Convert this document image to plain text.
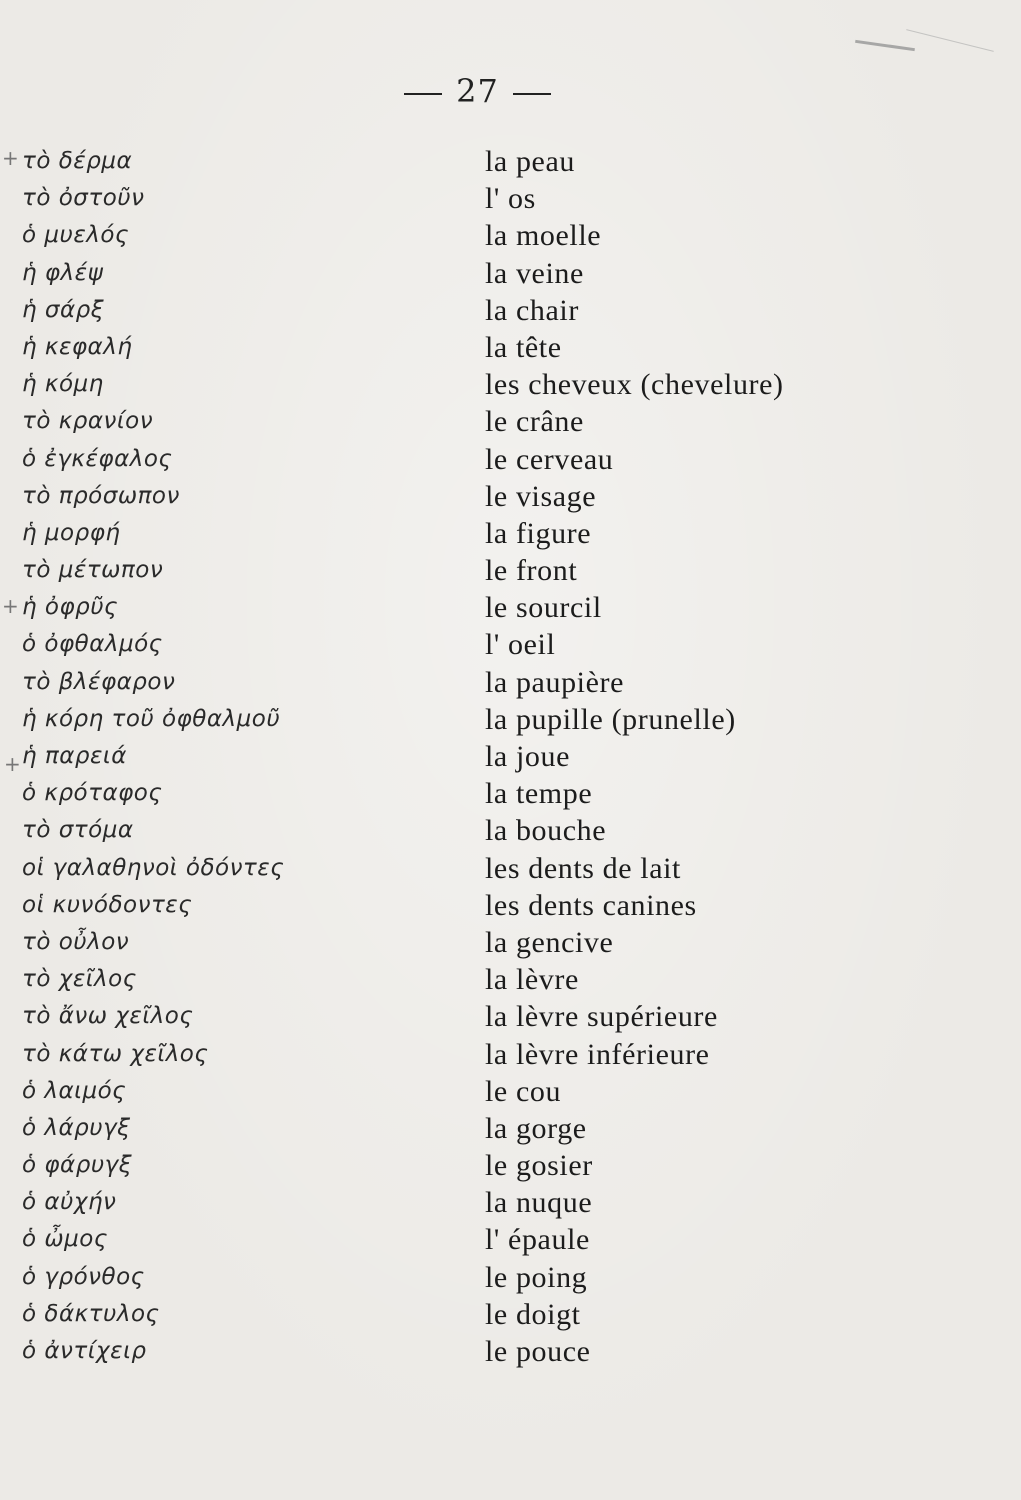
27
+
+
+
τὸ δέρμα	la peau
τὸ ὀστοῦν	l' os
ὁ μυελός	la moelle
ἡ φλέψ	la veine
ἡ σάρξ	la chair
ἡ κεφαλή	la tête
ἡ κόμη	les cheveux (chevelure)
τὸ κρανίον	le crâne
ὁ ἐγκέφαλος	le cerveau
τὸ πρόσωπον	le visage
ἡ μορφή	la figure
τὸ μέτωπον	le front
ἡ ὀφρῦς	le sourcil
ὁ ὀφθαλμός	l' oeil
τὸ βλέφαρον	la paupière
ἡ κόρη τοῦ ὀφθαλμοῦ	la pupille (prunelle)
ἡ παρειά	la joue
ὁ κρόταφος	la tempe
τὸ στόμα	la bouche
οἱ γαλαθηνοὶ ὀδόντες	les dents de lait
οἱ κυνόδοντες	les dents canines
τὸ οὖλον	la gencive
τὸ χεῖλος	la lèvre
τὸ ἄνω χεῖλος	la lèvre supérieure
τὸ κάτω χεῖλος	la lèvre inférieure
ὁ λαιμός	le cou
ὁ λάρυγξ	la gorge
ὁ φάρυγξ	le gosier
ὁ αὐχήν	la nuque
ὁ ὦμος	l' épaule
ὁ γρόνθος	le poing
ὁ δάκτυλος	le doigt
ὁ ἀντίχειρ	le pouce
